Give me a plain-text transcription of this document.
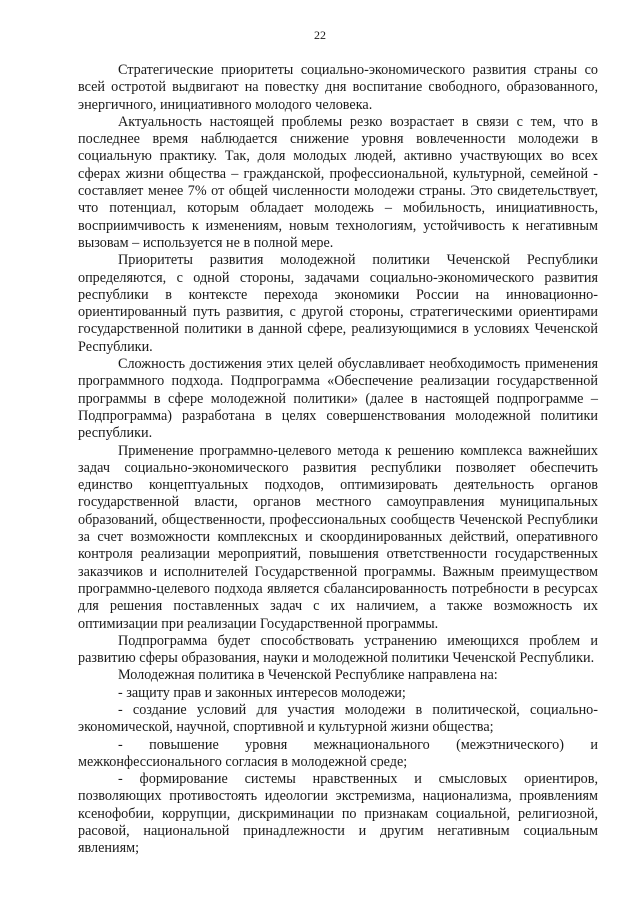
22

Стратегические приоритеты социально-экономического развития страны со всей остротой выдвигают на повестку дня воспитание свободного, образованного, энергичного, инициативного молодого человека.

Актуальность настоящей проблемы резко возрастает в связи с тем, что в последнее время наблюдается снижение уровня вовлеченности молодежи в социальную практику. Так, доля молодых людей, активно участвующих во всех сферах жизни общества – гражданской, профессиональной, культурной, семейной - составляет менее 7% от общей численности молодежи страны. Это свидетельствует, что потенциал, которым обладает молодежь – мобильность, инициативность, восприимчивость к изменениям, новым технологиям, устойчивость к негативным вызовам – используется не в полной мере.

Приоритеты развития молодежной политики Чеченской Республики определяются, с одной стороны, задачами социально-экономического развития республики в контексте перехода экономики России на инновационно-ориентированный путь развития, с другой стороны, стратегическими ориентирами государственной политики в данной сфере, реализующимися в условиях Чеченской Республики.

Сложность достижения этих целей обуславливает необходимость применения программного подхода. Подпрограмма «Обеспечение реализации государственной программы в сфере молодежной политики» (далее в настоящей подпрограмме – Подпрограмма) разработана в целях совершенствования молодежной политики республики.

Применение программно-целевого метода к решению комплекса важнейших задач социально-экономического развития республики позволяет обеспечить единство концептуальных подходов, оптимизировать деятельность органов государственной власти, органов местного самоуправления муниципальных образований, общественности, профессиональных сообществ Чеченской Республики за счет возможности комплексных и скоординированных действий, оперативного контроля реализации мероприятий, повышения ответственности государственных заказчиков и исполнителей Государственной программы. Важным преимуществом программно-целевого подхода является сбалансированность потребности в ресурсах для решения поставленных задач с их наличием, а также возможность их оптимизации при реализации Государственной программы.

Подпрограмма будет способствовать устранению имеющихся проблем и развитию сферы образования, науки и молодежной политики Чеченской Республики.

Молодежная политика в Чеченской Республике направлена на:

- защиту прав и законных интересов молодежи;

- создание условий для участия молодежи в политической, социально-экономической, научной, спортивной и культурной жизни общества;

- повышение уровня межнационального (межэтнического) и межконфессионального согласия в молодежной среде;

- формирование системы нравственных и смысловых ориентиров, позволяющих противостоять идеологии экстремизма, национализма, проявлениям ксенофобии, коррупции, дискриминации по признакам социальной, религиозной, расовой, национальной принадлежности и другим негативным социальным явлениям;
